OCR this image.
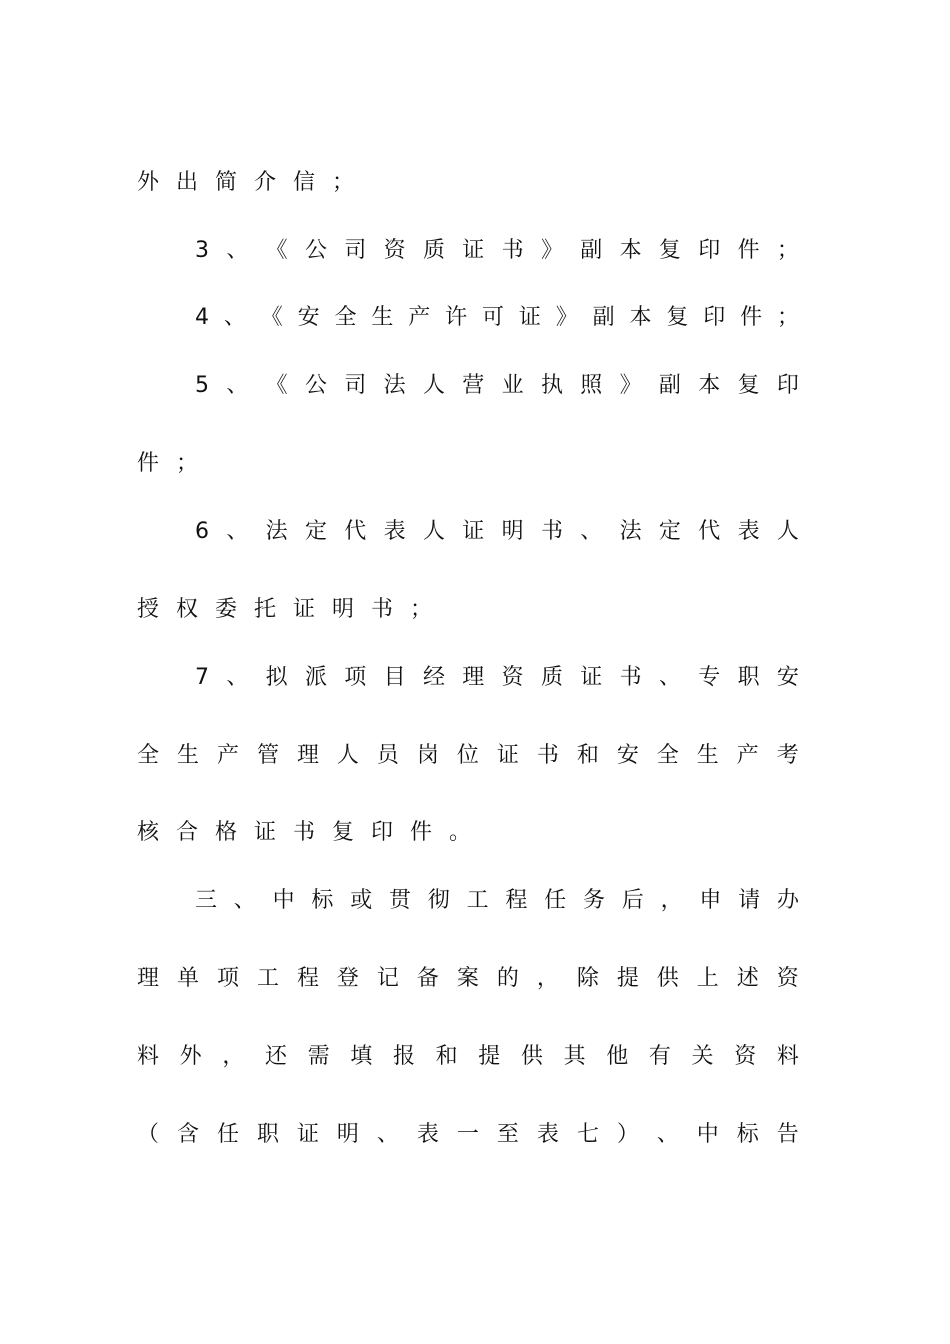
外出简介信；
3 、 《 公 司 资 质 证 书 》 副 本 复 印 件 ；
4 、 《 安 全 生 产 许 可 证 》 副 本 复 印 件 ；
5 、 《 公 司 法 人 营 业 执 照 》 副 本 复 印
件；
6 、 法 定 代 表 人 证 明 书 、 法 定 代 表 人
授权委托证明书；
7 、 拟 派 项 目 经 理 资 质 证 书 、 专 职 安
全 生 产 管 理 人 员 岗 位 证 书 和 安 全 生 产 考
核合格证书复印件。
三 、 中 标 或 贯 彻 工 程 任 务 后 ， 申 请 办
理 单 项 工 程 登 记 备 案 的 ， 除 提 供 上 述 资
料 外 ， 还 需 填 报 和 提 供 其 他 有 关 资 料
（ 含 任 职 证 明 、 表 一 至 表 七 ） 、 中 标 告
